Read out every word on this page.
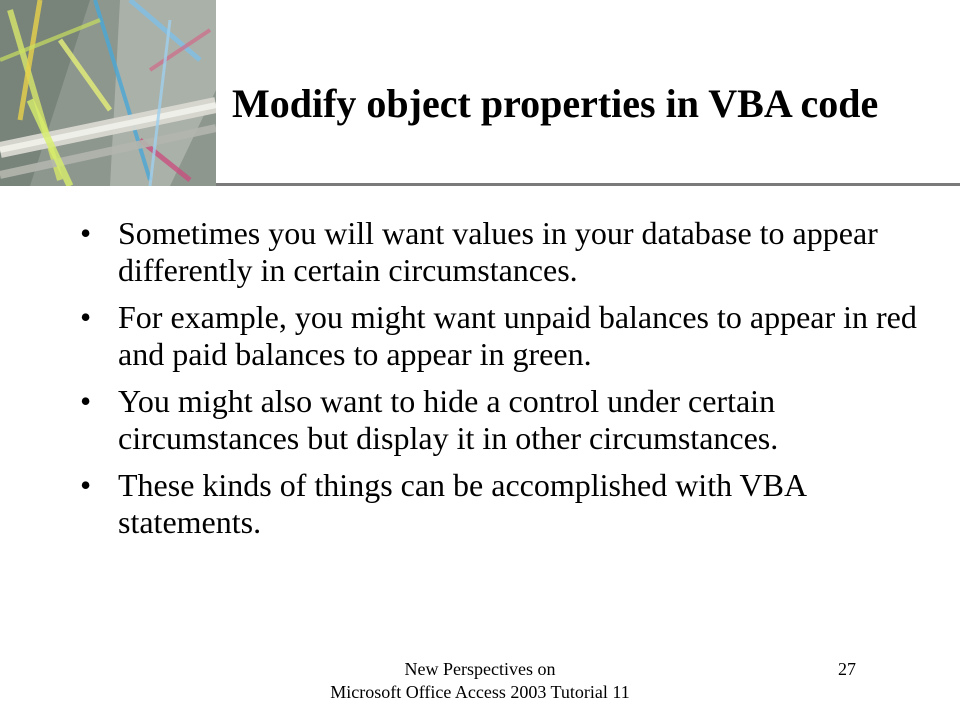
Modify object properties in VBA code
• Sometimes you will want values in your database to appear differently in certain circumstances.
• For example, you might want unpaid balances to appear in red and paid balances to appear in green.
• You might also want to hide a control under certain circumstances but display it in other circumstances.
• These kinds of things can be accomplished with VBA statements.
New Perspectives on
Microsoft Office Access 2003 Tutorial 11
27
